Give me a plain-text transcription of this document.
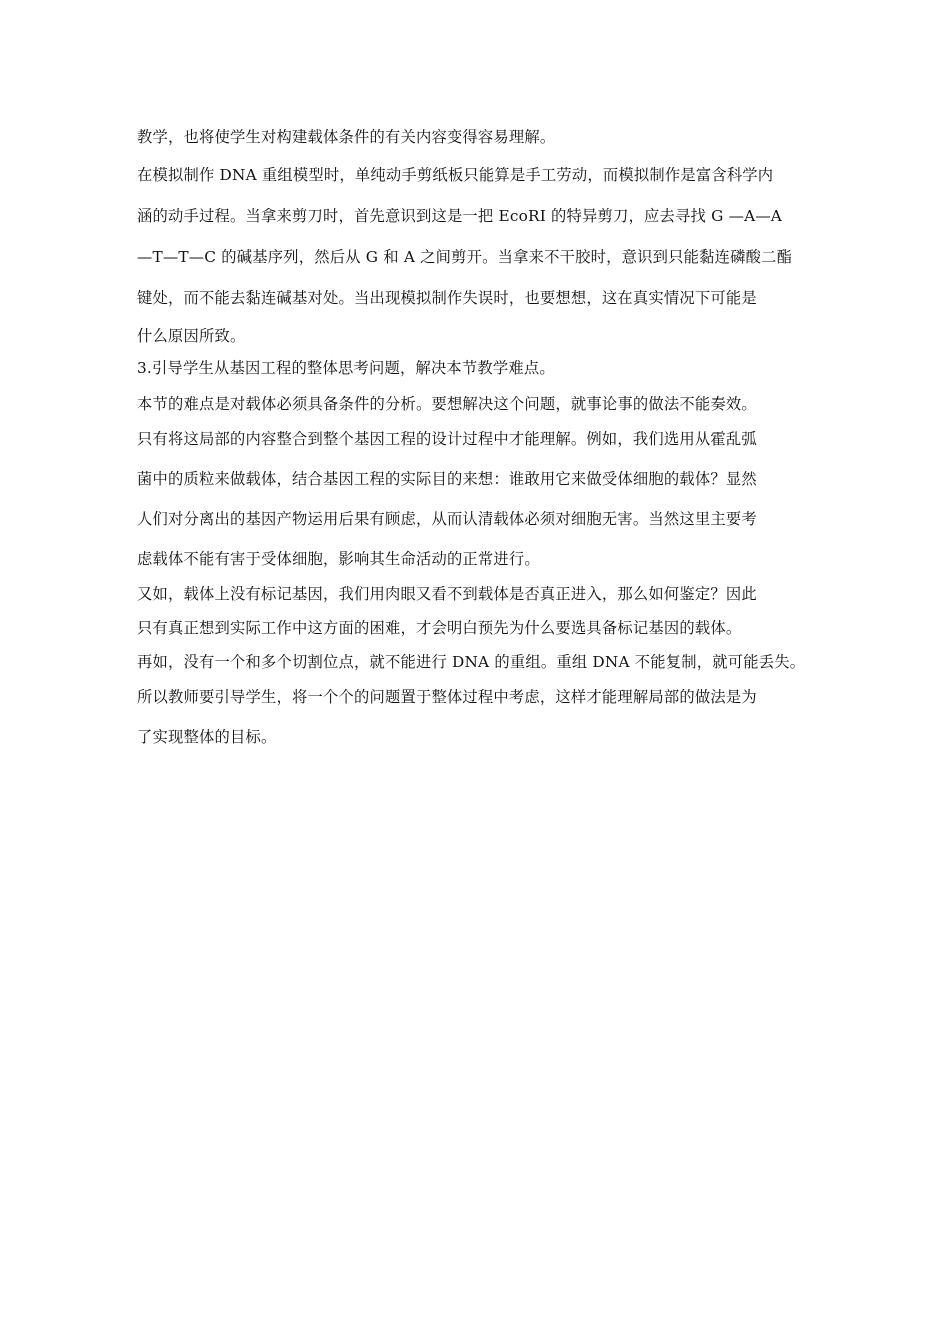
教学，也将使学生对构建载体条件的有关内容变得容易理解。

在模拟制作 DNA 重组模型时，单纯动手剪纸板只能算是手工劳动，而模拟制作是富含科学内
涵的动手过程。当拿来剪刀时，首先意识到这是一把 EcoRI 的特异剪刀，应去寻找 G —A—A
—T—T—C 的碱基序列，然后从 G 和 A 之间剪开。当拿来不干胶时，意识到只能黏连磷酸二酯
键处，而不能去黏连碱基对处。当出现模拟制作失误时，也要想想，这在真实情况下可能是
什么原因所致。

3.引导学生从基因工程的整体思考问题，解决本节教学难点。

本节的难点是对载体必须具备条件的分析。要想解决这个问题，就事论事的做法不能奏效。
只有将这局部的内容整合到整个基因工程的设计过程中才能理解。例如，我们选用从霍乱弧
菌中的质粒来做载体，结合基因工程的实际目的来想：谁敢用它来做受体细胞的载体？显然
人们对分离出的基因产物运用后果有顾虑，从而认清载体必须对细胞无害。当然这里主要考
虑载体不能有害于受体细胞，影响其生命活动的正常进行。

又如，载体上没有标记基因，我们用肉眼又看不到载体是否真正进入，那么如何鉴定？因此
只有真正想到实际工作中这方面的困难，才会明白预先为什么要选具备标记基因的载体。

再如，没有一个和多个切割位点，就不能进行 DNA 的重组。重组 DNA 不能复制，就可能丢失。
所以教师要引导学生，将一个个的问题置于整体过程中考虑，这样才能理解局部的做法是为
了实现整体的目标。
